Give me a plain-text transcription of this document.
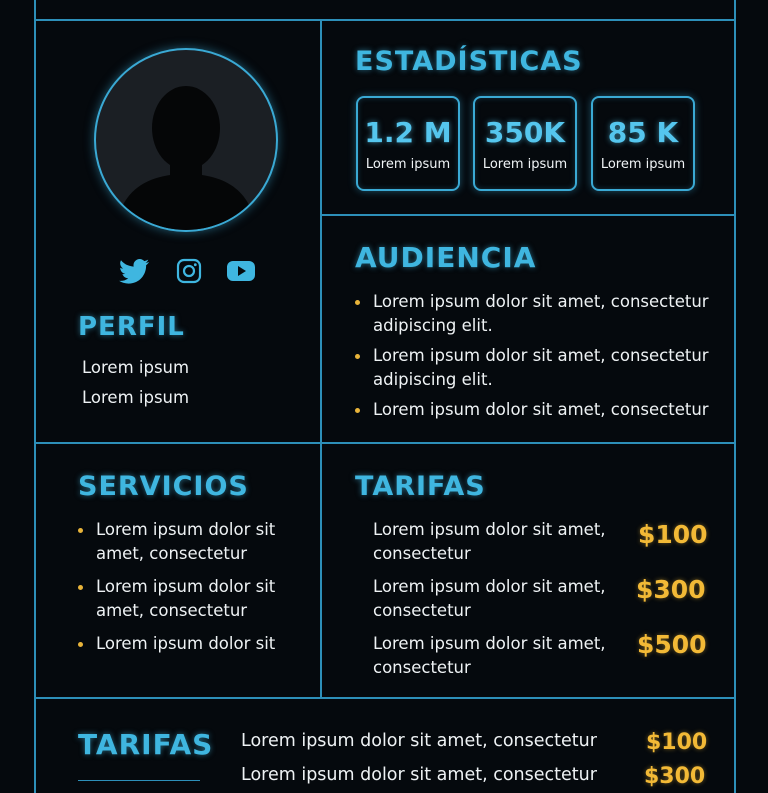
PERFIL
Lorem ipsum
Lorem ipsum
ESTADÍSTICAS
1.2 M
Lorem ipsum
350K
Lorem ipsum
85 K
Lorem ipsum
AUDIENCIA
Lorem ipsum dolor sit amet, consectetur adipiscing elit.
Lorem ipsum dolor sit amet, consectetur adipiscing elit.
Lorem ipsum dolor sit amet, consectetur
SERVICIOS
Lorem ipsum dolor sit amet, consectetur
Lorem ipsum dolor sit amet, consectetur
Lorem ipsum dolor sit
TARIFAS
Lorem ipsum dolor sit amet, consectetur
$100
Lorem ipsum dolor sit amet, consectetur
$300
Lorem ipsum dolor sit amet, consectetur
$500
TARIFAS Lorem ipsum dolor sit amet, consectetur $100
Lorem ipsum dolor sit amet, consectetur $300
